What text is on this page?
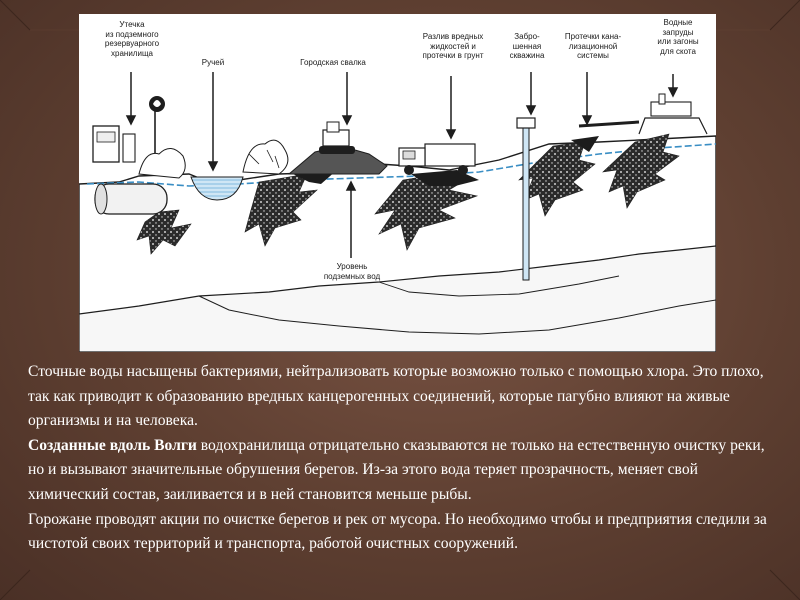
Утечка
из подземного
резервуарного
хранилища
Ручей	Городская свалка
Разлив вредных
жидкостей и
протечки в грунт
Забро-
шенная
скважина
Протечки кана-
лизационной
системы
Водные
запруды
или загоны
для скота
Уровень
подземных вод

Сточные воды насыщены бактериями, нейтрализовать которые возможно только с помощью хлора. Это плохо, так как приводит к образованию вредных канцерогенных соединений, которые пагубно влияют на живые организмы и на человека.

Созданные вдоль Волги водохранилища отрицательно сказываются не только на естественную очистку реки, но и вызывают значительные обрушения берегов. Из-за этого вода теряет прозрачность, меняет свой химический состав, заиливается и в ней становится меньше рыбы.

Горожане проводят акции по очистке берегов и рек от мусора. Но необходимо чтобы и предприятия следили за чистотой своих территорий и транспорта, работой очистных сооружений.
